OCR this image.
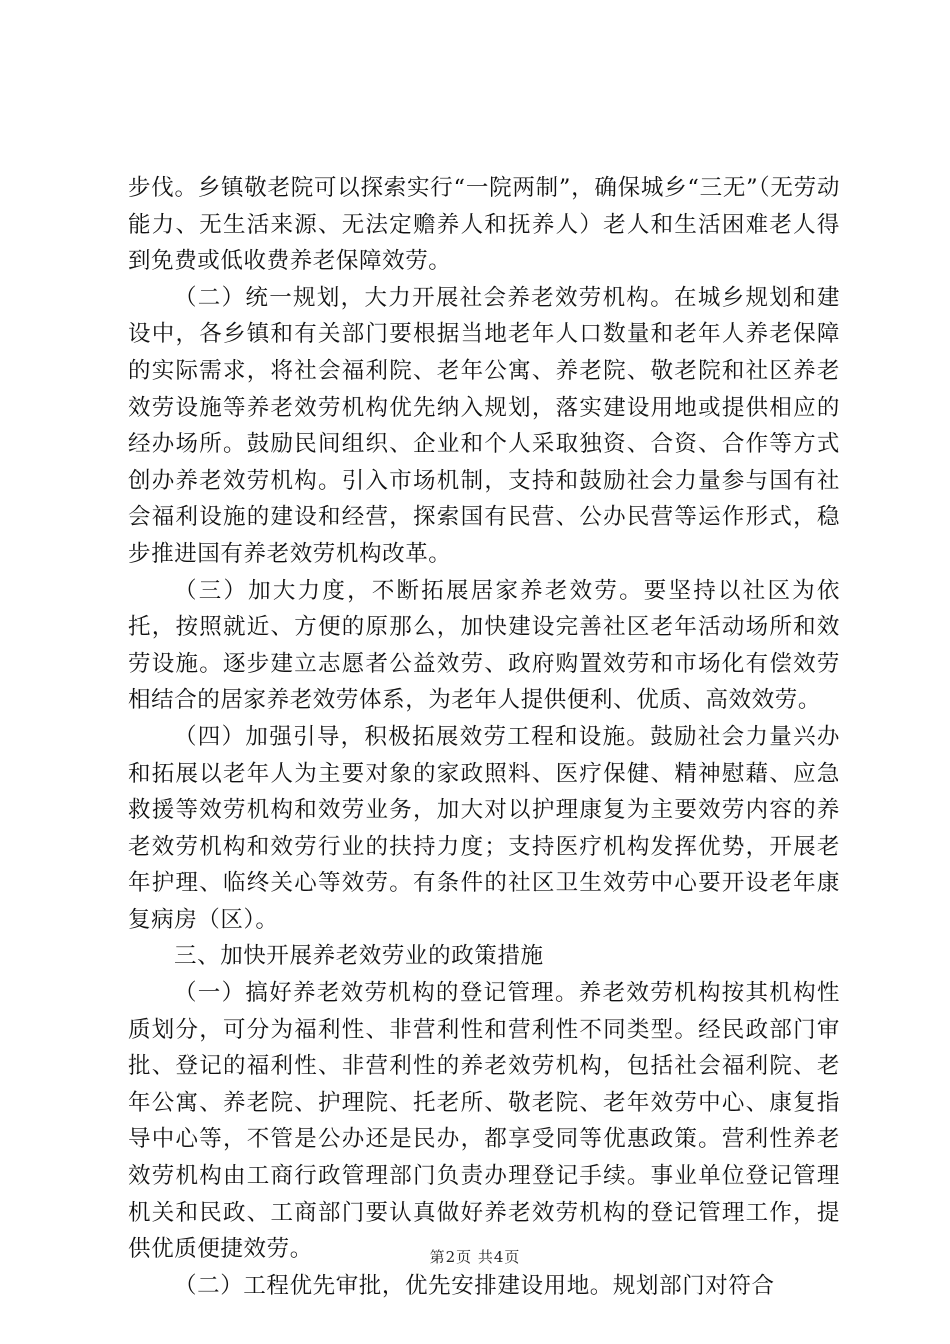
步伐。乡镇敬老院可以探索实行“一院两制”，确保城乡“三无”（无劳动能力、无生活来源、无法定赡养人和抚养人）老人和生活困难老人得到免费或低收费养老保障效劳。

（二）统一规划，大力开展社会养老效劳机构。在城乡规划和建设中，各乡镇和有关部门要根据当地老年人口数量和老年人养老保障的实际需求，将社会福利院、老年公寓、养老院、敬老院和社区养老效劳设施等养老效劳机构优先纳入规划，落实建设用地或提供相应的经办场所。鼓励民间组织、企业和个人采取独资、合资、合作等方式创办养老效劳机构。引入市场机制，支持和鼓励社会力量参与国有社会福利设施的建设和经营，探索国有民营、公办民营等运作形式，稳步推进国有养老效劳机构改革。

（三）加大力度，不断拓展居家养老效劳。要坚持以社区为依托，按照就近、方便的原那么，加快建设完善社区老年活动场所和效劳设施。逐步建立志愿者公益效劳、政府购置效劳和市场化有偿效劳相结合的居家养老效劳体系，为老年人提供便利、优质、高效效劳。

（四）加强引导，积极拓展效劳工程和设施。鼓励社会力量兴办和拓展以老年人为主要对象的家政照料、医疗保健、精神慰藉、应急救援等效劳机构和效劳业务，加大对以护理康复为主要效劳内容的养老效劳机构和效劳行业的扶持力度；支持医疗机构发挥优势，开展老年护理、临终关心等效劳。有条件的社区卫生效劳中心要开设老年康复病房（区）。

三、加快开展养老效劳业的政策措施

（一）搞好养老效劳机构的登记管理。养老效劳机构按其机构性质划分，可分为福利性、非营利性和营利性不同类型。经民政部门审批、登记的福利性、非营利性的养老效劳机构，包括社会福利院、老年公寓、养老院、护理院、托老所、敬老院、老年效劳中心、康复指导中心等，不管是公办还是民办，都享受同等优惠政策。营利性养老效劳机构由工商行政管理部门负责办理登记手续。事业单位登记管理机关和民政、工商部门要认真做好养老效劳机构的登记管理工作，提供优质便捷效劳。

（二）工程优先审批，优先安排建设用地。规划部门对符合

第2页 共4页
